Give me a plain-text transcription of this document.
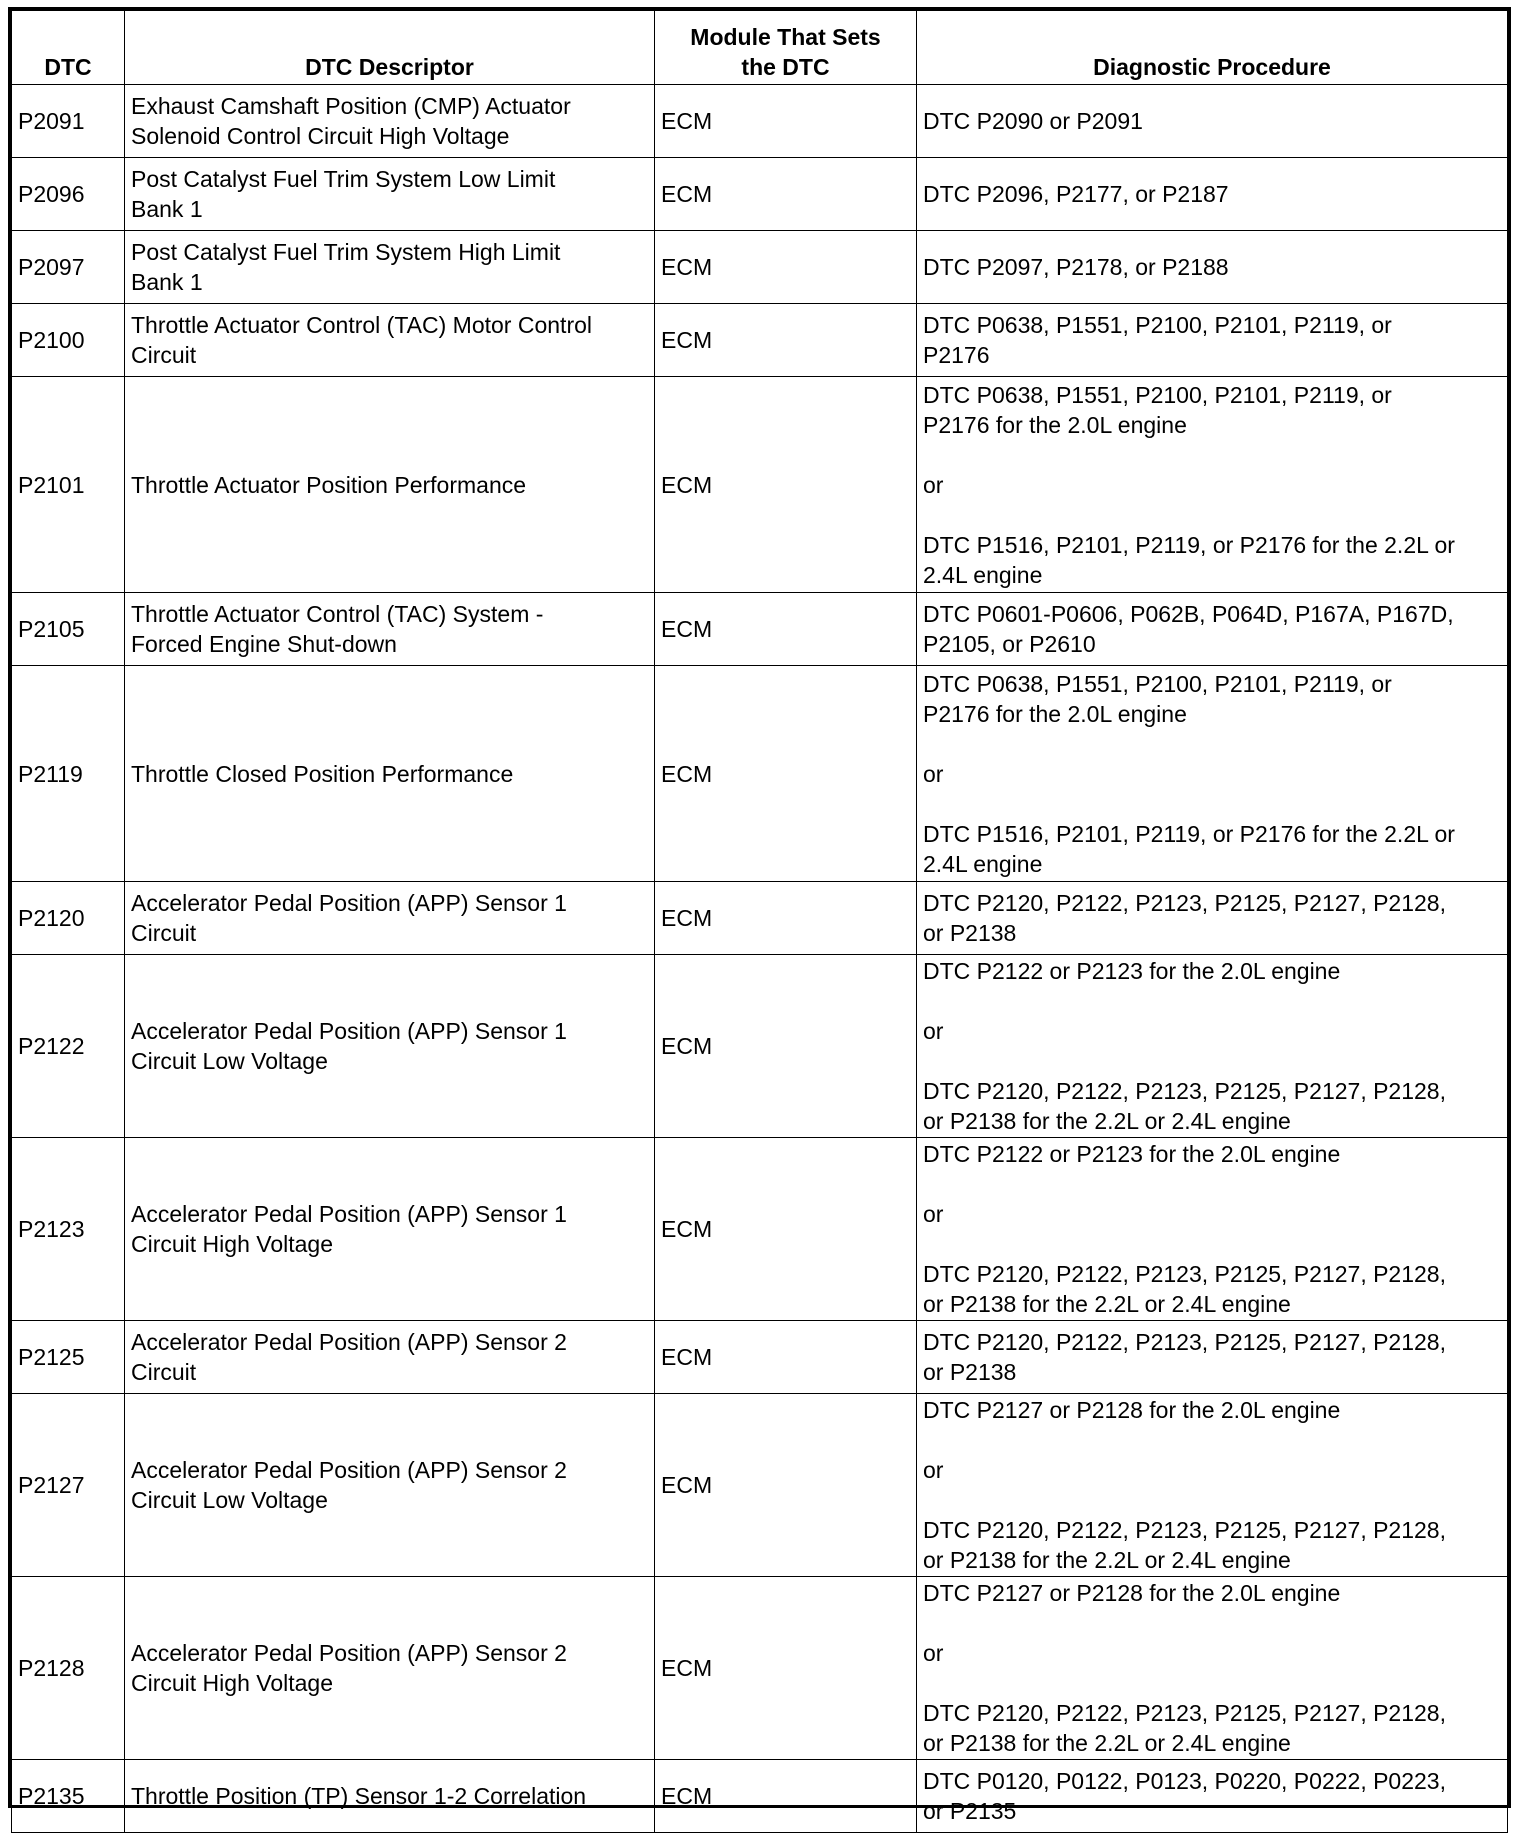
DTC	DTC Descriptor	Module That Sets
the DTC	Diagnostic Procedure
P2091	Exhaust Camshaft Position (CMP) Actuator
Solenoid Control Circuit High Voltage	ECM	DTC P2090 or P2091
P2096	Post Catalyst Fuel Trim System Low Limit
Bank 1	ECM	DTC P2096, P2177, or P2187
P2097	Post Catalyst Fuel Trim System High Limit
Bank 1	ECM	DTC P2097, P2178, or P2188
P2100	Throttle Actuator Control (TAC) Motor Control
Circuit	ECM	DTC P0638, P1551, P2100, P2101, P2119, or
P2176
P2101	Throttle Actuator Position Performance	ECM	DTC P0638, P1551, P2100, P2101, P2119, or
P2176 for the 2.0L engine

or

DTC P1516, P2101, P2119, or P2176 for the 2.2L or
2.4L engine
P2105	Throttle Actuator Control (TAC) System -
Forced Engine Shut-down	ECM	DTC P0601-P0606, P062B, P064D, P167A, P167D,
P2105, or P2610
P2119	Throttle Closed Position Performance	ECM	DTC P0638, P1551, P2100, P2101, P2119, or
P2176 for the 2.0L engine

or

DTC P1516, P2101, P2119, or P2176 for the 2.2L or
2.4L engine
P2120	Accelerator Pedal Position (APP) Sensor 1
Circuit	ECM	DTC P2120, P2122, P2123, P2125, P2127, P2128,
or P2138
P2122	Accelerator Pedal Position (APP) Sensor 1
Circuit Low Voltage	ECM	DTC P2122 or P2123 for the 2.0L engine

or

DTC P2120, P2122, P2123, P2125, P2127, P2128,
or P2138 for the 2.2L or 2.4L engine
P2123	Accelerator Pedal Position (APP) Sensor 1
Circuit High Voltage	ECM	DTC P2122 or P2123 for the 2.0L engine

or

DTC P2120, P2122, P2123, P2125, P2127, P2128,
or P2138 for the 2.2L or 2.4L engine
P2125	Accelerator Pedal Position (APP) Sensor 2
Circuit	ECM	DTC P2120, P2122, P2123, P2125, P2127, P2128,
or P2138
P2127	Accelerator Pedal Position (APP) Sensor 2
Circuit Low Voltage	ECM	DTC P2127 or P2128 for the 2.0L engine

or

DTC P2120, P2122, P2123, P2125, P2127, P2128,
or P2138 for the 2.2L or 2.4L engine
P2128	Accelerator Pedal Position (APP) Sensor 2
Circuit High Voltage	ECM	DTC P2127 or P2128 for the 2.0L engine

or

DTC P2120, P2122, P2123, P2125, P2127, P2128,
or P2138 for the 2.2L or 2.4L engine
P2135	Throttle Position (TP) Sensor 1-2 Correlation	ECM	DTC P0120, P0122, P0123, P0220, P0222, P0223,
or P2135
